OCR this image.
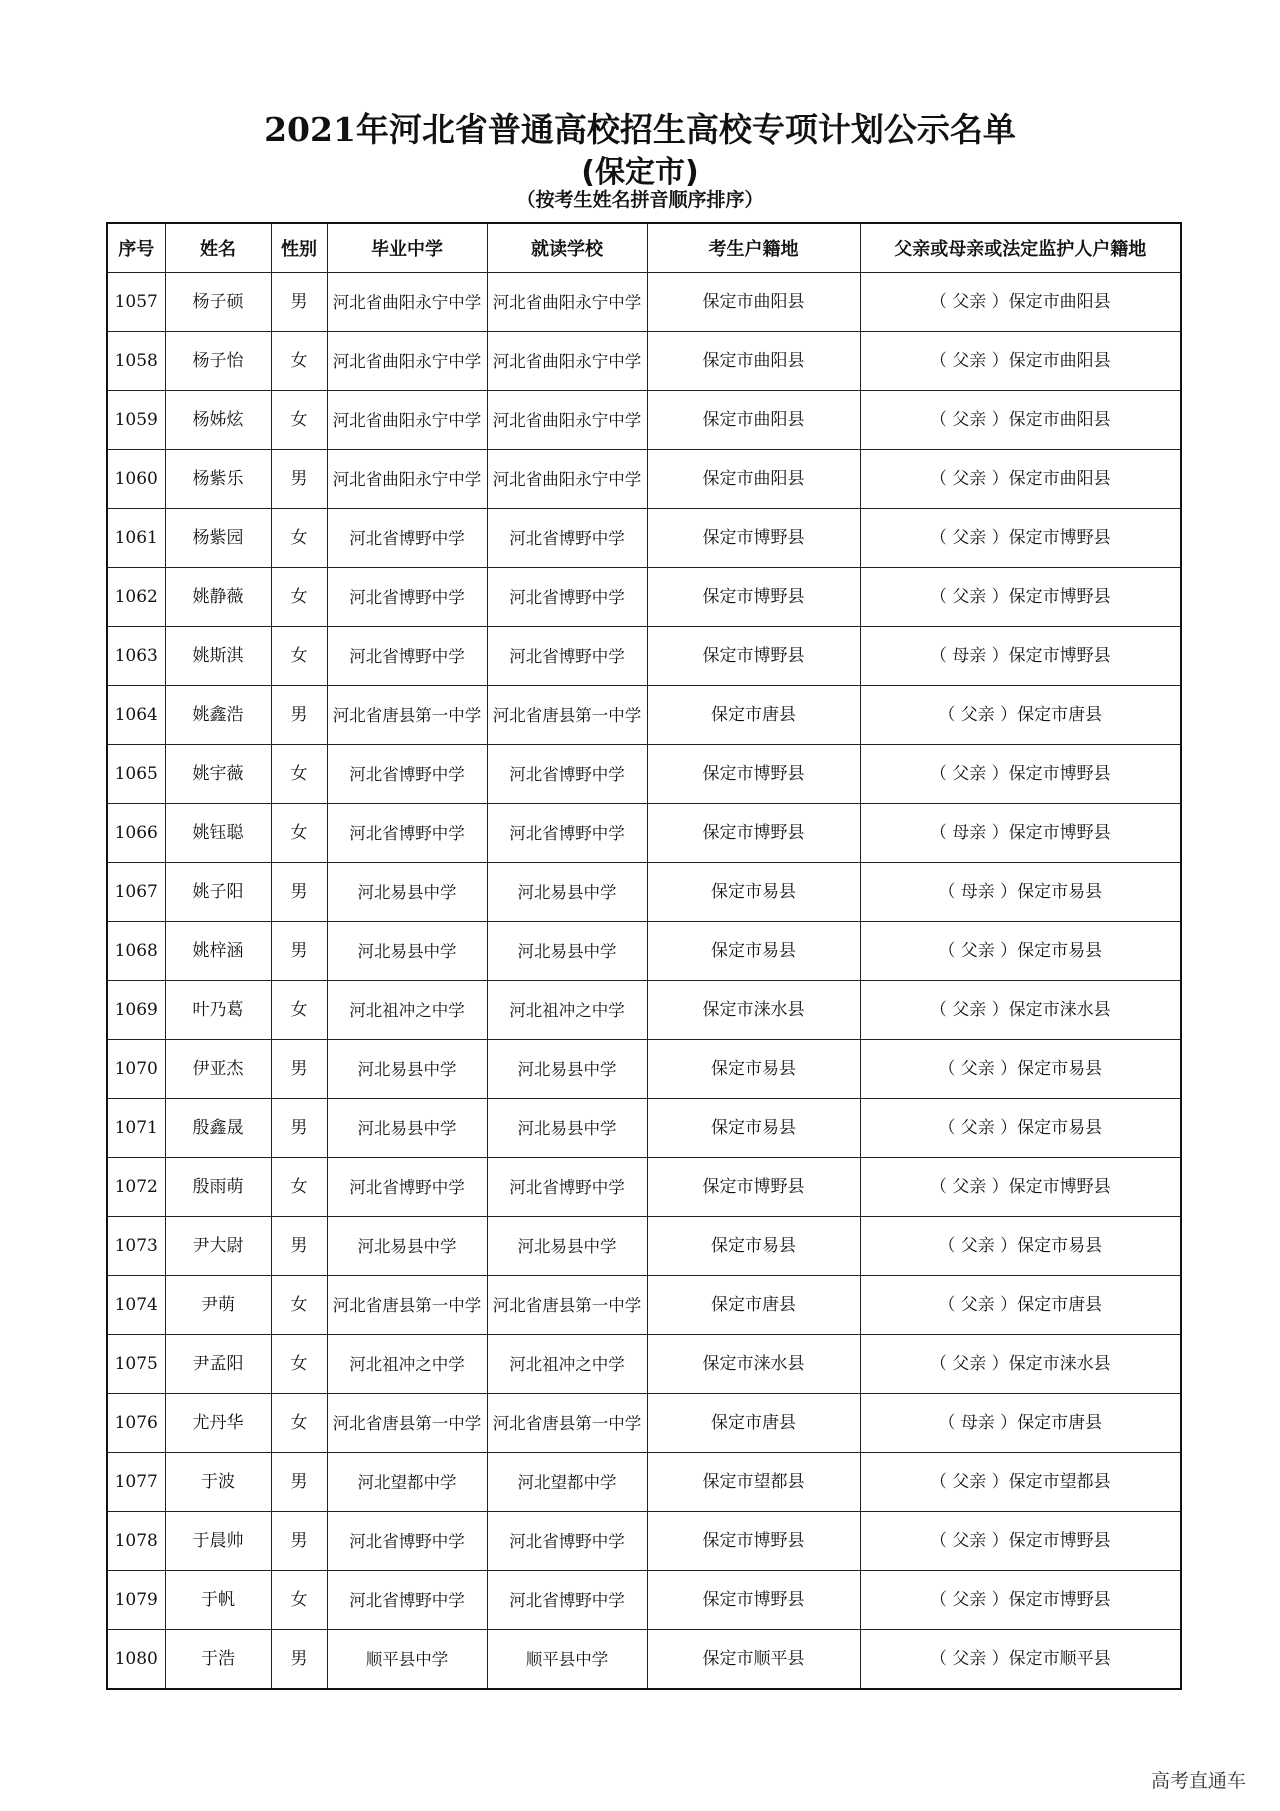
2021年河北省普通高校招生高校专项计划公示名单
(保定市)
（按考生姓名拼音顺序排序）
序号	姓名	性别	毕业中学	就读学校	考生户籍地	父亲或母亲或法定监护人户籍地
1057	杨子硕	男	河北省曲阳永宁中学	河北省曲阳永宁中学	保定市曲阳县	（ 父亲 ）保定市曲阳县
1058	杨子怡	女	河北省曲阳永宁中学	河北省曲阳永宁中学	保定市曲阳县	（ 父亲 ）保定市曲阳县
1059	杨姊炫	女	河北省曲阳永宁中学	河北省曲阳永宁中学	保定市曲阳县	（ 父亲 ）保定市曲阳县
1060	杨紫乐	男	河北省曲阳永宁中学	河北省曲阳永宁中学	保定市曲阳县	（ 父亲 ）保定市曲阳县
1061	杨紫园	女	河北省博野中学	河北省博野中学	保定市博野县	（ 父亲 ）保定市博野县
1062	姚静薇	女	河北省博野中学	河北省博野中学	保定市博野县	（ 父亲 ）保定市博野县
1063	姚斯淇	女	河北省博野中学	河北省博野中学	保定市博野县	（ 母亲 ）保定市博野县
1064	姚鑫浩	男	河北省唐县第一中学	河北省唐县第一中学	保定市唐县	（ 父亲 ）保定市唐县
1065	姚宇薇	女	河北省博野中学	河北省博野中学	保定市博野县	（ 父亲 ）保定市博野县
1066	姚钰聪	女	河北省博野中学	河北省博野中学	保定市博野县	（ 母亲 ）保定市博野县
1067	姚子阳	男	河北易县中学	河北易县中学	保定市易县	（ 母亲 ）保定市易县
1068	姚梓涵	男	河北易县中学	河北易县中学	保定市易县	（ 父亲 ）保定市易县
1069	叶乃葛	女	河北祖冲之中学	河北祖冲之中学	保定市涞水县	（ 父亲 ）保定市涞水县
1070	伊亚杰	男	河北易县中学	河北易县中学	保定市易县	（ 父亲 ）保定市易县
1071	殷鑫晟	男	河北易县中学	河北易县中学	保定市易县	（ 父亲 ）保定市易县
1072	殷雨萌	女	河北省博野中学	河北省博野中学	保定市博野县	（ 父亲 ）保定市博野县
1073	尹大尉	男	河北易县中学	河北易县中学	保定市易县	（ 父亲 ）保定市易县
1074	尹萌	女	河北省唐县第一中学	河北省唐县第一中学	保定市唐县	（ 父亲 ）保定市唐县
1075	尹孟阳	女	河北祖冲之中学	河北祖冲之中学	保定市涞水县	（ 父亲 ）保定市涞水县
1076	尤丹华	女	河北省唐县第一中学	河北省唐县第一中学	保定市唐县	（ 母亲 ）保定市唐县
1077	于波	男	河北望都中学	河北望都中学	保定市望都县	（ 父亲 ）保定市望都县
1078	于晨帅	男	河北省博野中学	河北省博野中学	保定市博野县	（ 父亲 ）保定市博野县
1079	于帆	女	河北省博野中学	河北省博野中学	保定市博野县	（ 父亲 ）保定市博野县
1080	于浩	男	顺平县中学	顺平县中学	保定市顺平县	（ 父亲 ）保定市顺平县
高考直通车
